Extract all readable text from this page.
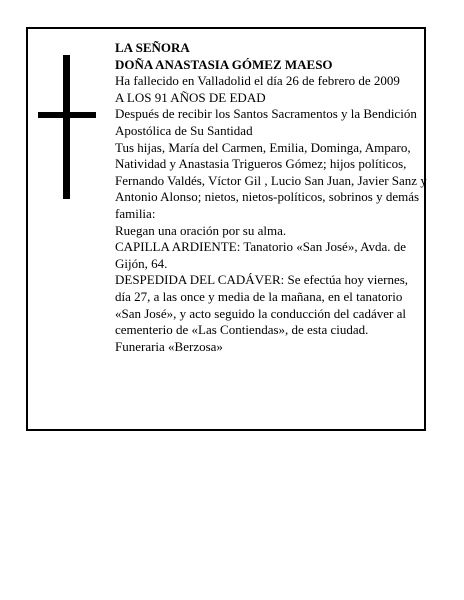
LA SEÑORA

DOÑA ANASTASIA GÓMEZ MAESO

Ha fallecido en Valladolid el día 26 de febrero de 2009

A LOS 91 AÑOS DE EDAD

Después de recibir los Santos Sacramentos y la Bendición Apostólica de Su Santidad

Tus hijas, María del Carmen, Emilia, Dominga, Amparo, Natividad y Anastasia Trigueros Gómez; hijos políticos, Fernando Valdés, Víctor Gil , Lucio San Juan, Javier Sanz y Antonio Alonso; nietos, nietos-políticos, sobrinos y demás familia:

Ruegan una oración por su alma.

CAPILLA ARDIENTE: Tanatorio «San José», Avda. de Gijón, 64.

DESPEDIDA DEL CADÁVER: Se efectúa hoy viernes, día 27, a las once y media de la mañana, en el tanatorio «San José», y acto seguido la conducción del cadáver al cementerio de «Las Contiendas», de esta ciudad.

Funeraria «Berzosa»
